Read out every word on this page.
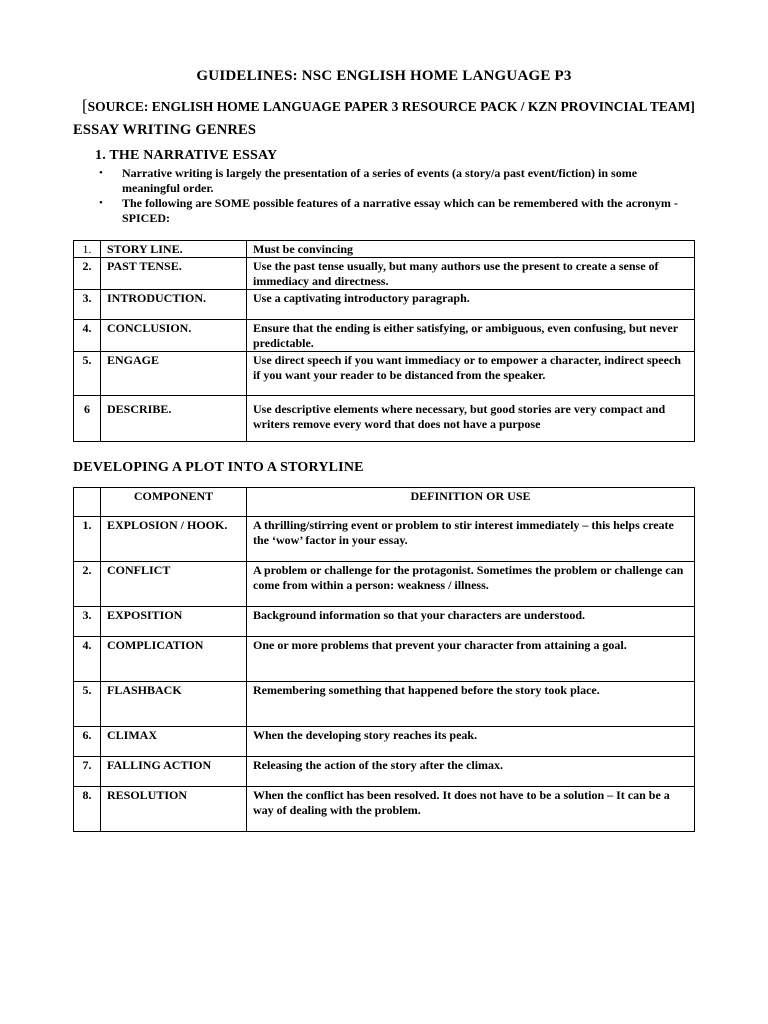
GUIDELINES: NSC ENGLISH HOME LANGUAGE P3
[SOURCE: ENGLISH HOME LANGUAGE PAPER 3 RESOURCE PACK / KZN PROVINCIAL TEAM]
ESSAY WRITING GENRES
1. THE NARRATIVE ESSAY
• Narrative writing is largely the presentation of a series of events (a story/a past event/fiction) in some meaningful order.
• The following are SOME possible features of a narrative essay which can be remembered with the acronym - SPICED:
1.	STORY LINE.	Must be convincing
2.	PAST TENSE.	Use the past tense usually, but many authors use the present to create a sense of immediacy and directness.
3.	INTRODUCTION.	Use a captivating introductory paragraph.
4.	CONCLUSION.	Ensure that the ending is either satisfying, or ambiguous, even confusing, but never predictable.
5.	ENGAGE	Use direct speech if you want immediacy or to empower a character, indirect speech if you want your reader to be distanced from the speaker.
6	DESCRIBE.	Use descriptive elements where necessary, but good stories are very compact and writers remove every word that does not have a purpose
DEVELOPING A PLOT INTO A STORYLINE
	COMPONENT	DEFINITION OR USE
1.	EXPLOSION / HOOK.	A thrilling/stirring event or problem to stir interest immediately – this helps create the ‘wow’ factor in your essay.
2.	CONFLICT	A problem or challenge for the protagonist. Sometimes the problem or challenge can come from within a person: weakness / illness.
3.	EXPOSITION	Background information so that your characters are understood.
4.	COMPLICATION	One or more problems that prevent your character from attaining a goal.
5.	FLASHBACK	Remembering something that happened before the story took place.
6.	CLIMAX	When the developing story reaches its peak.
7.	FALLING ACTION	Releasing the action of the story after the climax.
8.	RESOLUTION	When the conflict has been resolved. It does not have to be a solution – It can be a way of dealing with the problem.
